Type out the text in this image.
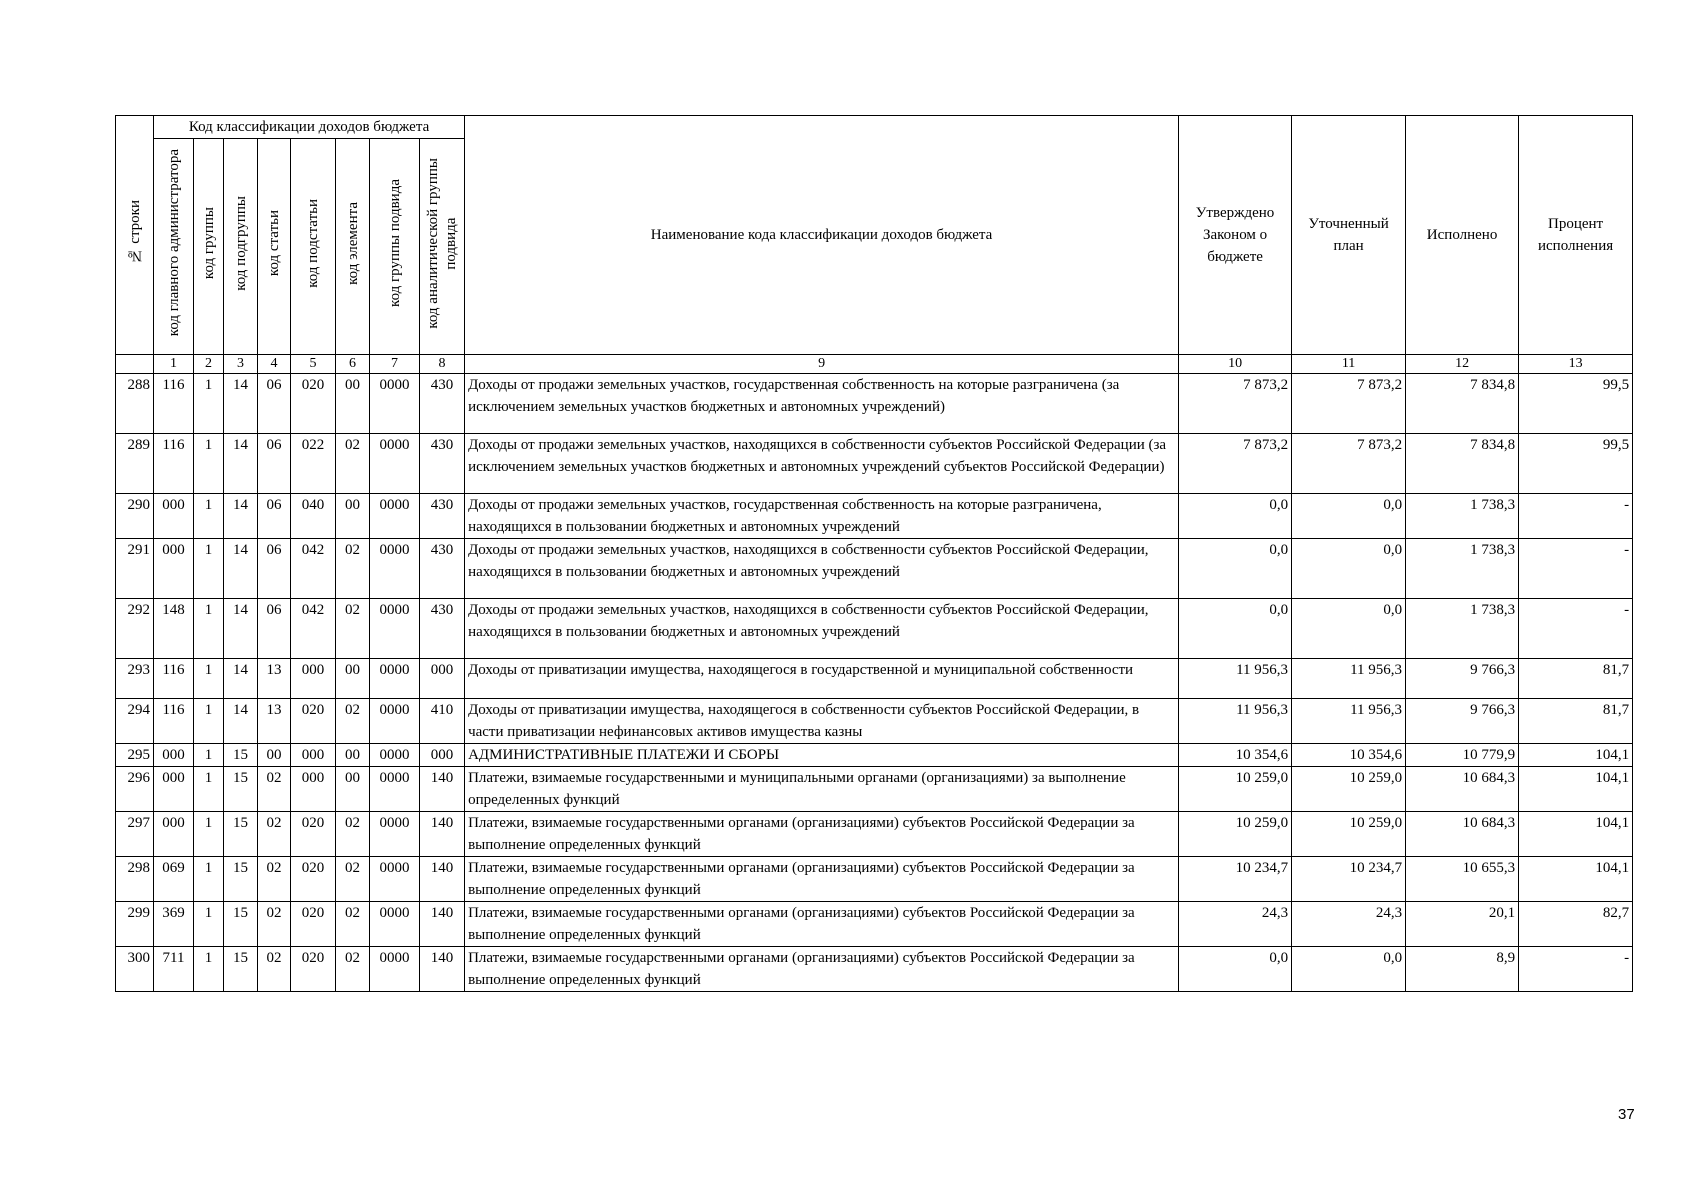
№ строки	Код классификации доходов бюджета								Наименование кода классификации доходов бюджета	Утверждено Законом о бюджете	Уточненный план	Исполнено	Процент исполнения
	код главного администратора	код группы	код подгруппы	код статьи	код подстатьи	код элемента	код группы подвида	код аналитической группы
подвида					
	1	2	3	4	5	6	7	8	9	10	11	12	13
288	116	1	14	06	020	00	0000	430	Доходы от продажи земельных участков, государственная собственность на которые разграничена (за исключением земельных участков бюджетных и автономных учреждений)	7 873,2	7 873,2	7 834,8	99,5
289	116	1	14	06	022	02	0000	430	Доходы от продажи земельных участков, находящихся в собственности субъектов Российской Федерации (за исключением земельных участков бюджетных и автономных учреждений субъектов Российской Федерации)	7 873,2	7 873,2	7 834,8	99,5
290	000	1	14	06	040	00	0000	430	Доходы от продажи земельных участков, государственная собственность на которые разграничена, находящихся в пользовании бюджетных и автономных учреждений	0,0	0,0	1 738,3	-
291	000	1	14	06	042	02	0000	430	Доходы от продажи земельных участков, находящихся в собственности субъектов Российской Федерации, находящихся в пользовании бюджетных и автономных учреждений	0,0	0,0	1 738,3	-
292	148	1	14	06	042	02	0000	430	Доходы от продажи земельных участков, находящихся в собственности субъектов Российской Федерации, находящихся в пользовании бюджетных и автономных учреждений	0,0	0,0	1 738,3	-
293	116	1	14	13	000	00	0000	000	Доходы от приватизации имущества, находящегося в государственной и муниципальной собственности	11 956,3	11 956,3	9 766,3	81,7
294	116	1	14	13	020	02	0000	410	Доходы от приватизации имущества, находящегося в собственности субъектов Российской Федерации, в части приватизации нефинансовых активов имущества казны	11 956,3	11 956,3	9 766,3	81,7
295	000	1	15	00	000	00	0000	000	АДМИНИСТРАТИВНЫЕ ПЛАТЕЖИ И СБОРЫ	10 354,6	10 354,6	10 779,9	104,1
296	000	1	15	02	000	00	0000	140	Платежи, взимаемые государственными и муниципальными органами (организациями) за выполнение определенных функций	10 259,0	10 259,0	10 684,3	104,1
297	000	1	15	02	020	02	0000	140	Платежи, взимаемые государственными органами (организациями) субъектов Российской Федерации за выполнение определенных функций	10 259,0	10 259,0	10 684,3	104,1
298	069	1	15	02	020	02	0000	140	Платежи, взимаемые государственными органами (организациями) субъектов Российской Федерации за выполнение определенных функций	10 234,7	10 234,7	10 655,3	104,1
299	369	1	15	02	020	02	0000	140	Платежи, взимаемые государственными органами (организациями) субъектов Российской Федерации за выполнение определенных функций	24,3	24,3	20,1	82,7
300	711	1	15	02	020	02	0000	140	Платежи, взимаемые государственными органами (организациями) субъектов Российской Федерации за выполнение определенных функций	0,0	0,0	8,9	-
37
